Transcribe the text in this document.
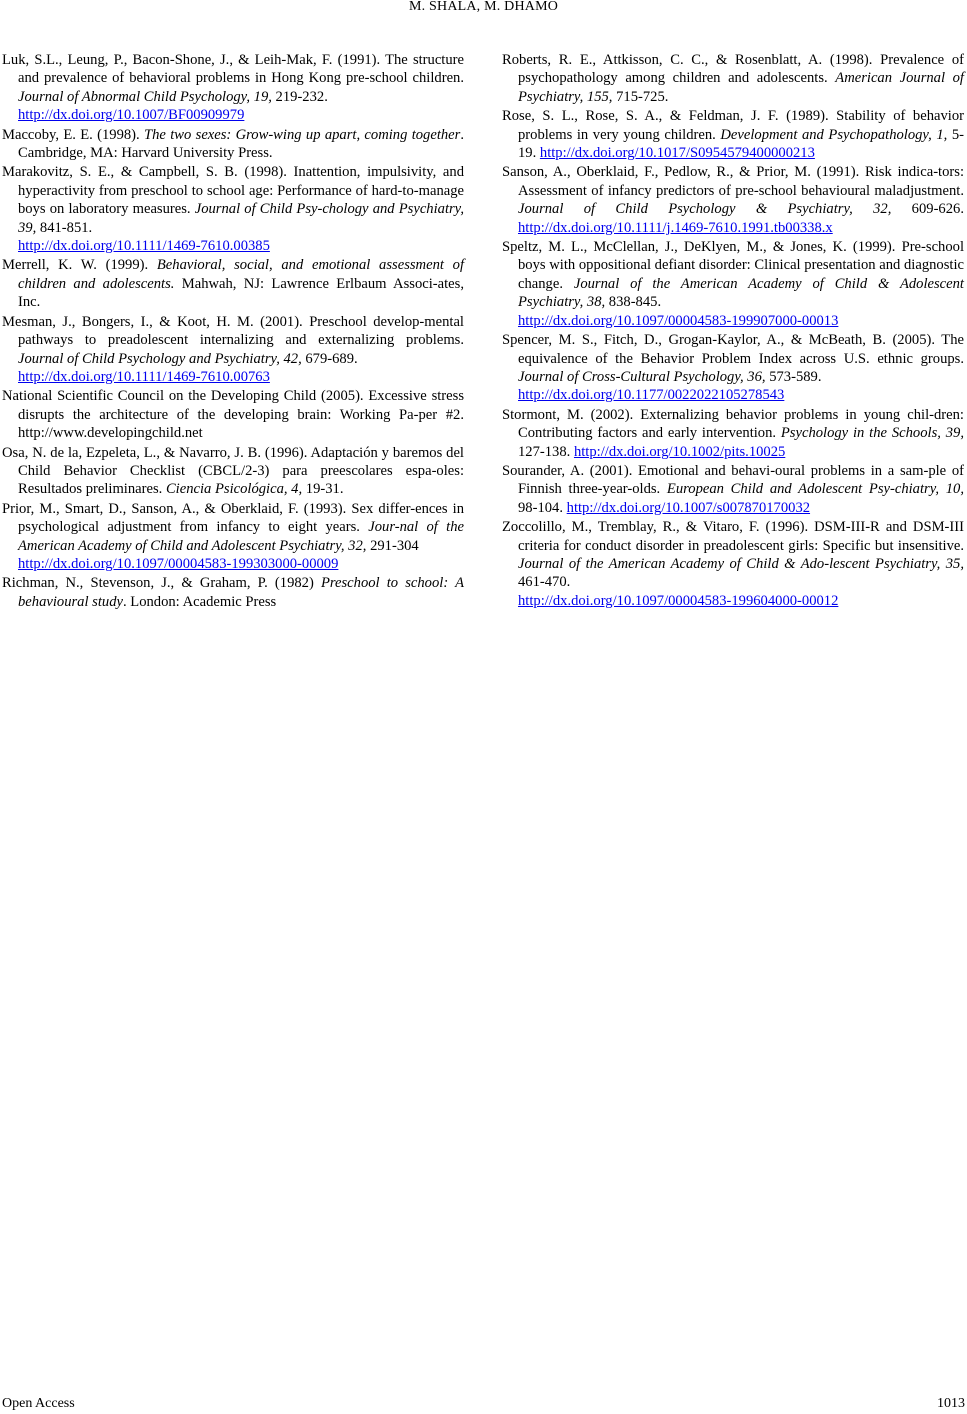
M. SHALA, M. DHAMO

Luk, S.L., Leung, P., Bacon-Shone, J., & Leih-Mak, F. (1991). The structure and prevalence of behavioral problems in Hong Kong pre-school children. Journal of Abnormal Child Psychology, 19, 219-232.
http://dx.doi.org/10.1007/BF00909979

Maccoby, E. E. (1998). The two sexes: Grow-wing up apart, coming together. Cambridge, MA: Harvard University Press.

Marakovitz, S. E., & Campbell, S. B. (1998). Inattention, impulsivity, and hyperactivity from preschool to school age: Performance of hard-to-manage boys on laboratory measures. Journal of Child Psy-chology and Psychiatry, 39, 841-851.
http://dx.doi.org/10.1111/1469-7610.00385

Merrell, K. W. (1999). Behavioral, social, and emotional assessment of children and adolescents. Mahwah, NJ: Lawrence Erlbaum Associ-ates, Inc.

Mesman, J., Bongers, I., & Koot, H. M. (2001). Preschool develop-mental pathways to preadolescent internalizing and externalizing problems. Journal of Child Psychology and Psychiatry, 42, 679-689.
http://dx.doi.org/10.1111/1469-7610.00763

National Scientific Council on the Developing Child (2005). Excessive stress disrupts the architecture of the developing brain: Working Pa-per #2. http://www.developingchild.net

Osa, N. de la, Ezpeleta, L., & Navarro, J. B. (1996). Adaptación y baremos del Child Behavior Checklist (CBCL/2-3) para preescolares espa-oles: Resultados preliminares. Ciencia Psicológica, 4, 19-31.

Prior, M., Smart, D., Sanson, A., & Oberklaid, F. (1993). Sex differ-ences in psychological adjustment from infancy to eight years. Jour-nal of the American Academy of Child and Adolescent Psychiatry, 32, 291-304
http://dx.doi.org/10.1097/00004583-199303000-00009

Richman, N., Stevenson, J., & Graham, P. (1982) Preschool to school: A behavioural study. London: Academic Press

Roberts, R. E., Attkisson, C. C., & Rosenblatt, A. (1998). Prevalence of psychopathology among children and adolescents. American Journal of Psychiatry, 155, 715-725.

Rose, S. L., Rose, S. A., & Feldman, J. F. (1989). Stability of behavior problems in very young children. Development and Psychopathology, 1, 5-19. http://dx.doi.org/10.1017/S0954579400000213

Sanson, A., Oberklaid, F., Pedlow, R., & Prior, M. (1991). Risk indica-tors: Assessment of infancy predictors of pre-school behavioural maladjustment. Journal of Child Psychology & Psychiatry, 32, 609-626. http://dx.doi.org/10.1111/j.1469-7610.1991.tb00338.x

Speltz, M. L., McClellan, J., DeKlyen, M., & Jones, K. (1999). Pre-school boys with oppositional defiant disorder: Clinical presentation and diagnostic change. Journal of the American Academy of Child & Adolescent Psychiatry, 38, 838-845.
http://dx.doi.org/10.1097/00004583-199907000-00013

Spencer, M. S., Fitch, D., Grogan-Kaylor, A., & McBeath, B. (2005). The equivalence of the Behavior Problem Index across U.S. ethnic groups. Journal of Cross-Cultural Psychology, 36, 573-589.
http://dx.doi.org/10.1177/0022022105278543

Stormont, M. (2002). Externalizing behavior problems in young chil-dren: Contributing factors and early intervention. Psychology in the Schools, 39, 127-138. http://dx.doi.org/10.1002/pits.10025

Sourander, A. (2001). Emotional and behavi-oural problems in a sam-ple of Finnish three-year-olds. European Child and Adolescent Psy-chiatry, 10, 98-104. http://dx.doi.org/10.1007/s007870170032

Zoccolillo, M., Tremblay, R., & Vitaro, F. (1996). DSM-III-R and DSM-III criteria for conduct disorder in preadolescent girls: Specific but insensitive. Journal of the American Academy of Child & Ado-lescent Psychiatry, 35, 461-470.
http://dx.doi.org/10.1097/00004583-199604000-00012

Open Access	1013
